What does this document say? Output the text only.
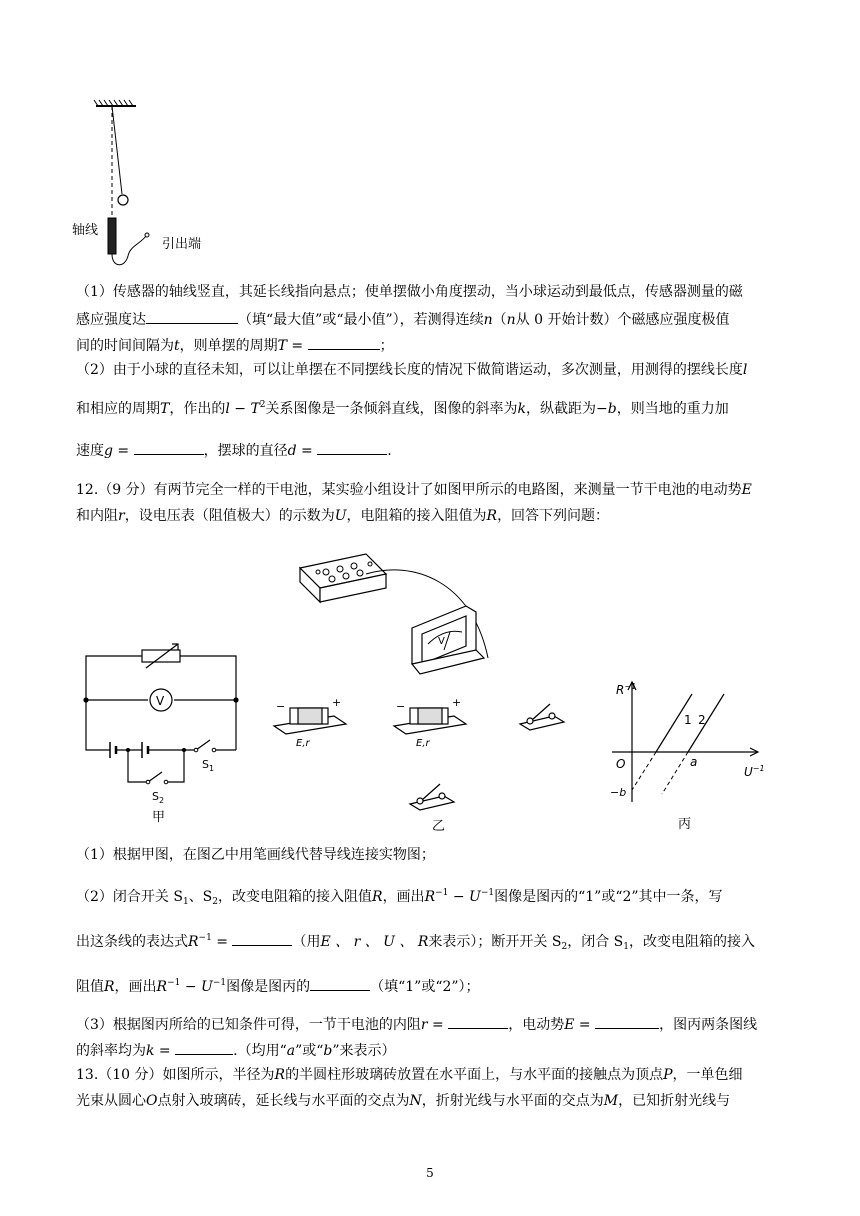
轴线
引出端
（1）传感器的轴线竖直，其延长线指向悬点；使单摆做小角度摆动，当小球运动到最低点，传感器测量的磁
感应强度达	（填“最大值”或“最小值”），若测得连续n（n从 0 开始计数）个磁感应强度极值
间的时间间隔为t，则单摆的周期T =	；
（2）由于小球的直径未知，可以让单摆在不同摆线长度的情况下做简谐运动，多次测量，用测得的摆线长度l
和相应的周期T，作出的$l - T^2$关系图像是一条倾斜直线，图像的斜率为k，纵截距为−b，则当地的重力加
速度g =	，摆球的直径d =	.
12.（9 分）有两节完全一样的干电池，某实验小组设计了如图甲所示的电路图，来测量一节干电池的电动势E
和内阻r，设电压表（阻值极大）的示数为U，电阻箱的接入阻值为R，回答下列问题：
V
$S_1$
$S_2$
甲
V
−	+
E,r
−	+
E,r
乙
$R^{-1}$
$U^{-1}$
O
−b
a
1 2
丙
（1）根据甲图，在图乙中用笔画线代替导线连接实物图；
（2）闭合开关 $S_1$、$S_2$，改变电阻箱的接入阻值R，画出$R^{-1} - U^{-1}$图像是图丙的“1”或“2”其中一条，写
出这条线的表达式$R^{-1}$ =	（用E 、 r 、 U 、 R来表示）；断开开关 $S_2$，闭合 $S_1$，改变电阻箱的接入
阻值R，画出$R^{-1} - U^{-1}$图像是图丙的	（填“1”或“2”）；
（3）根据图丙所给的已知条件可得，一节干电池的内阻r =	，电动势E =	，图丙两条图线
的斜率均为k =	.（均用“a”或“b”来表示）
13.（10 分）如图所示，半径为R的半圆柱形玻璃砖放置在水平面上，与水平面的接触点为顶点P，一单色细
光束从圆心O点射入玻璃砖，延长线与水平面的交点为N，折射光线与水平面的交点为M，已知折射光线与
5
